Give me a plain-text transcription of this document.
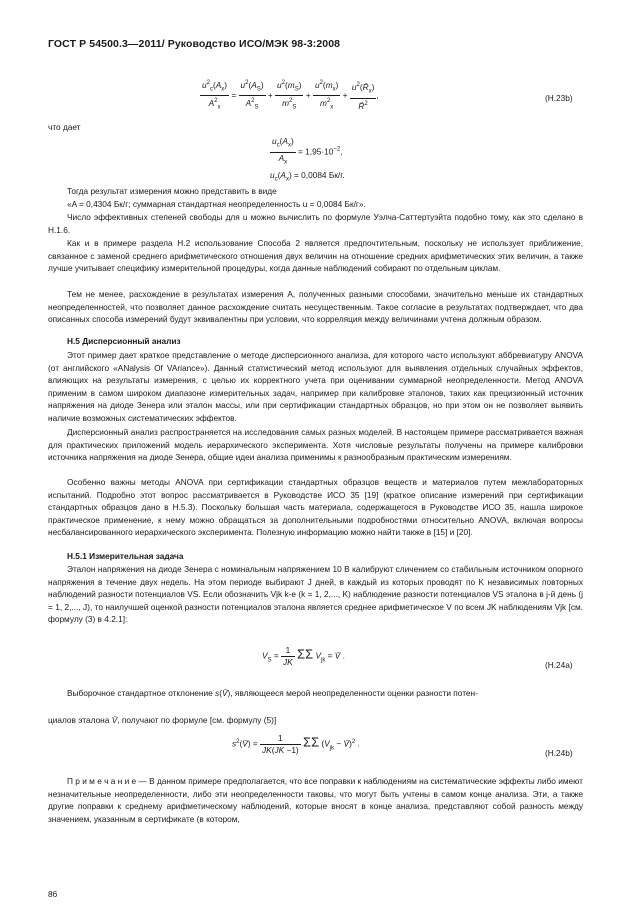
ГОСТ Р 54500.3—2011/ Руководство ИСО/МЭК 98-3:2008
$\frac{u^2_c(A_x)}{A^2_x} = \frac{u^2(A_S)}{A^2_S} + \frac{u^2(m_S)}{m^2_S} + \frac{u^2(m_x)}{m^2_x} + \frac{u^2(R̄_x)}{R̄^2}$ ,	(H.23b)
что дает
$\frac{u_c(A_x)}{A_x} = 1,95\cdot 10^{-2}$,
$u_c(A_x) = 0,0084$ Бк/г.

Тогда результат измерения можно представить в виде

«A = 0,4304 Бк/г; суммарная стандартная неопределенность u = 0,0084 Бк/г».

Число эффективных степеней свободы для u можно вычислить по формуле Уэлча-Саттертуэйта подобно тому, как это сделано в H.1.6.

Как и в примере раздела H.2 использование Способа 2 является предпочтительным, поскольку не использует приближение, связанное с заменой среднего арифметического отношения двух величин на отношение средних арифметических этих величин, а также лучше учитывает специфику измерительной процедуры, когда данные наблюдений собирают по отдельным циклам.

Тем не менее, расхождение в результатах измерения A, полученных разными способами, значительно меньше их стандартных неопределенностей, что позволяет данное расхождение считать несущественным. Такое согласие в результатах подтверждает, что два описанных способа измерений будут эквивалентны при условии, что корреляция между величинами учтена должным образом.

H.5 Дисперсионный анализ

Этот пример дает краткое представление о методе дисперсионного анализа, для которого часто используют аббревиатуру ANOVA (от английского «ANalysis Of VAriance»). Данный статистический метод используют для выявления отдельных случайных эффектов, влияющих на результаты измерения, с целью их корректного учета при оценивании суммарной неопределенности. Метод ANOVA применим в самом широком диапазоне измерительных задач, например при калибровке эталонов, таких как прецизионный источник напряжения на диоде Зенера или эталон массы, или при сертификации стандартных образцов, но при этом он не позволяет выявить наличие возможных систематических эффектов.

Дисперсионный анализ распространяется на исследования самых разных моделей. В настоящем примере рассматривается важная для практических приложений модель иерархического эксперимента. Хотя числовые результаты получены на примере калибровки источника напряжения на диоде Зенера, общие идеи анализа применимы к разнообразным практическим измерениям.

Особенно важны методы ANOVA при сертификации стандартных образцов веществ и материалов путем межлабораторных испытаний. Подробно этот вопрос рассматривается в Руководстве ИСО 35 [19] (краткое описание измерений при сертификации стандартных образцов дано в H.5.3). Поскольку большая часть материала, содержащегося в Руководстве ИСО 35, нашла широкое практическое применение, к нему можно обращаться за дополнительными подробностями относительно ANOVA, включая вопросы несбалансированного иерархического эксперимента. Полезную информацию можно найти также в [15] и [20].

H.5.1 Измерительная задача

Эталон напряжения на диоде Зенера с номинальным напряжением 10 В калибруют сличением со стабильным источником опорного напряжения в течение двух недель. На этом периоде выбирают J дней, в каждый из которых проводят по K независимых повторных наблюдений разности потенциалов VS. Если обозначить Vjk k-е (k = 1, 2,..., K) наблюдение разности потенциалов VS эталона в j-й день (j = 1, 2,..., J), то наилучшей оценкой разности потенциалов эталона является среднее арифметическое V по всем JK наблюдениям Vjk [см. формулу (3) в 4.2.1]:

$V_S = \frac{1}{JK}$ ΣΣ $V_{jk}$ = V̄ .
(H.24a)
Выборочное стандартное отклонение s(V̄), являющееся мерой неопределенности оценки разности потен-
циалов эталона V̄, получают по формуле [см. формулу (5)]
$s^2(V̄) = \frac{1}{JK(JK -1)}$ ΣΣ ($V_{jk}$ − V̄)$^2$ .
(H.24b)

П р и м е ч а н и е — В данном примере предполагается, что все поправки к наблюдениям на систематические эффекты либо имеют незначительные неопределенности, либо эти неопределенности таковы, что могут быть учтены в самом конце анализа. Эти, а также другие поправки к среднему арифметическому наблюдений, которые вносят в конце анализа, представляют собой разность между значением, указанным в сертификате (в котором,

86
